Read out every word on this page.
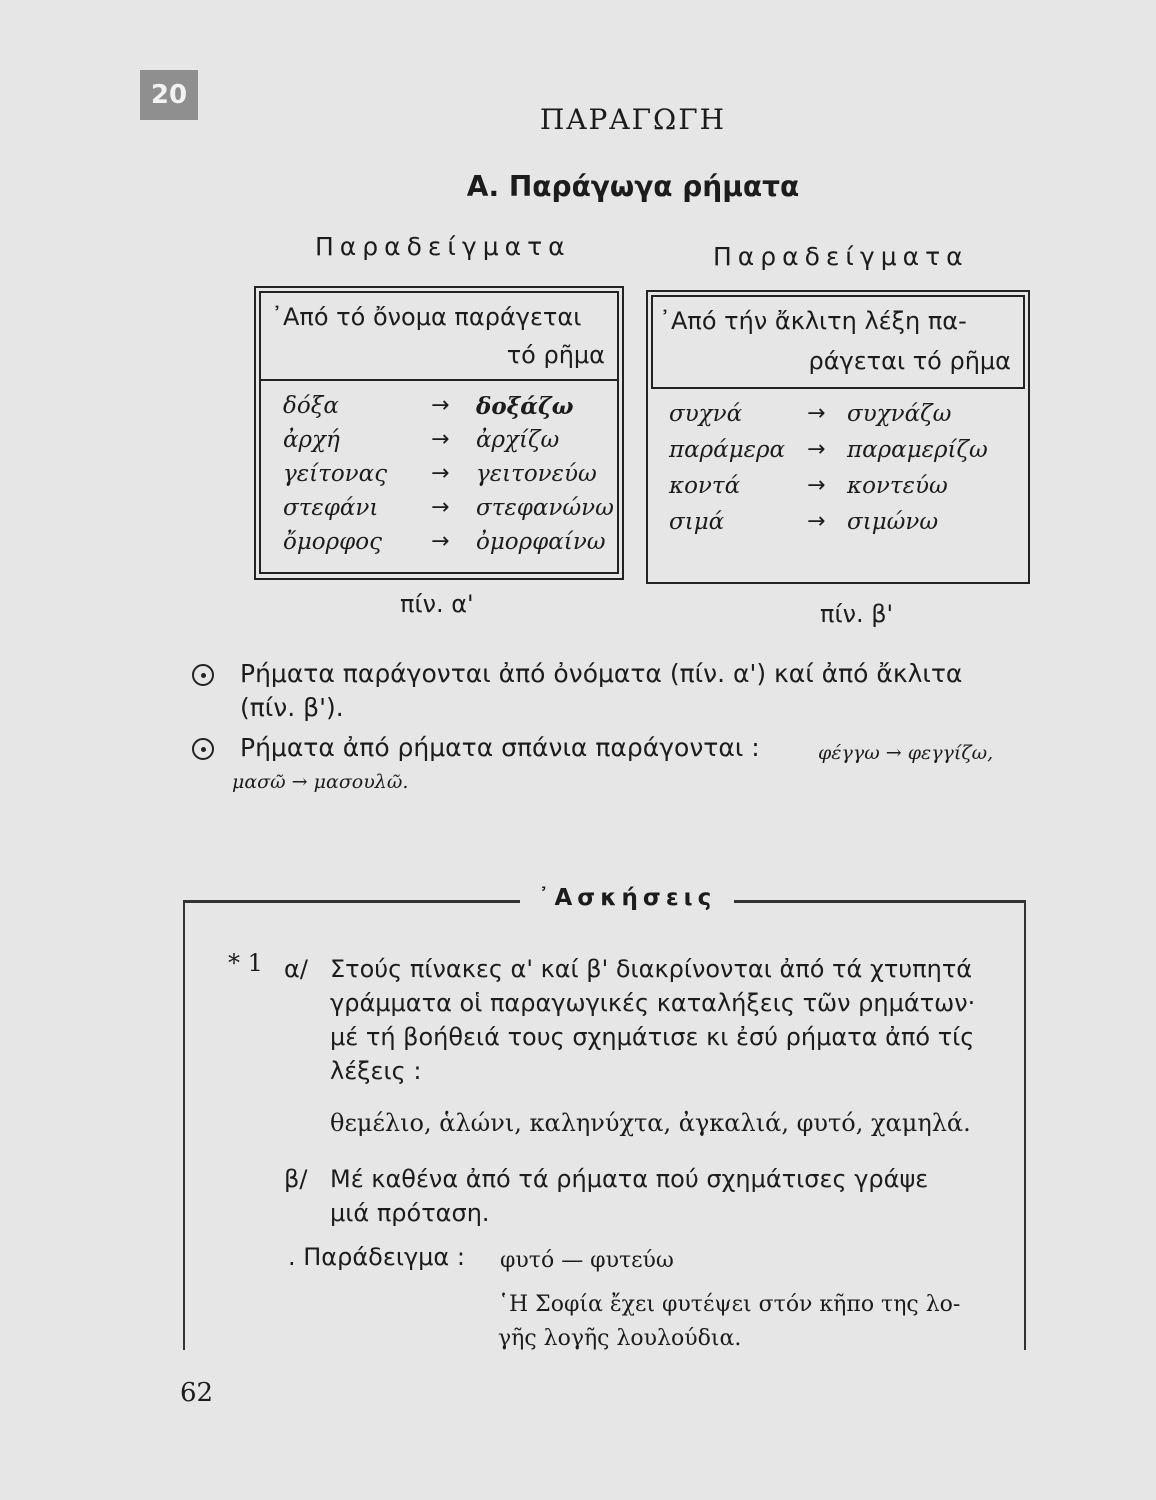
20
ΠΑΡΑΓΩΓΗ
Α. Παράγωγα ρήματα
Παραδείγματα	Παραδείγματα
᾿Από τό ὄνομα παράγεται
τό ρῆμα
δόξα	→ δοξάζω
ἀρχή	→ ἀρχίζω
γείτονας → γειτονεύω
στεφάνι → στεφανώνω
ὄμορφος → ὀμορφαίνω
πίν. α'
᾿Από τήν ἄκλιτη λέξη πα-
ράγεται τό ρῆμα
συχνά	→ συχνάζω
παράμερα → παραμερίζω
κοντά	→ κοντεύω
σιμά	→ σιμώνω
πίν. β'
Ρήματα παράγονται ἀπό ὀνόματα (πίν. α') καί ἀπό ἄκλιτα
(πίν. β').
Ρήματα ἀπό ρήματα σπάνια παράγονται :	φέγγω → φεγγίζω,
μασῶ → μασουλῶ.
᾿Ασκήσεις
* 1 α/ Στούς πίνακες α' καί β' διακρίνονται ἀπό τά χτυπητά
γράμματα οἱ παραγωγικές καταλήξεις τῶν ρημάτων·
μέ τή βοήθειά τους σχημάτισε κι ἐσύ ρήματα ἀπό τίς
λέξεις :
θεμέλιο, ἁλώνι, καληνύχτα, ἀγκαλιά, φυτό, χαμηλά.
β/ Μέ καθένα ἀπό τά ρήματα πού σχημάτισες γράψε
μιά πρόταση.
. Παράδειγμα : φυτό — φυτεύω
῾Η Σοφία ἔχει φυτέψει στόν κῆπο της λο-
γῆς λογῆς λουλούδια.
62
